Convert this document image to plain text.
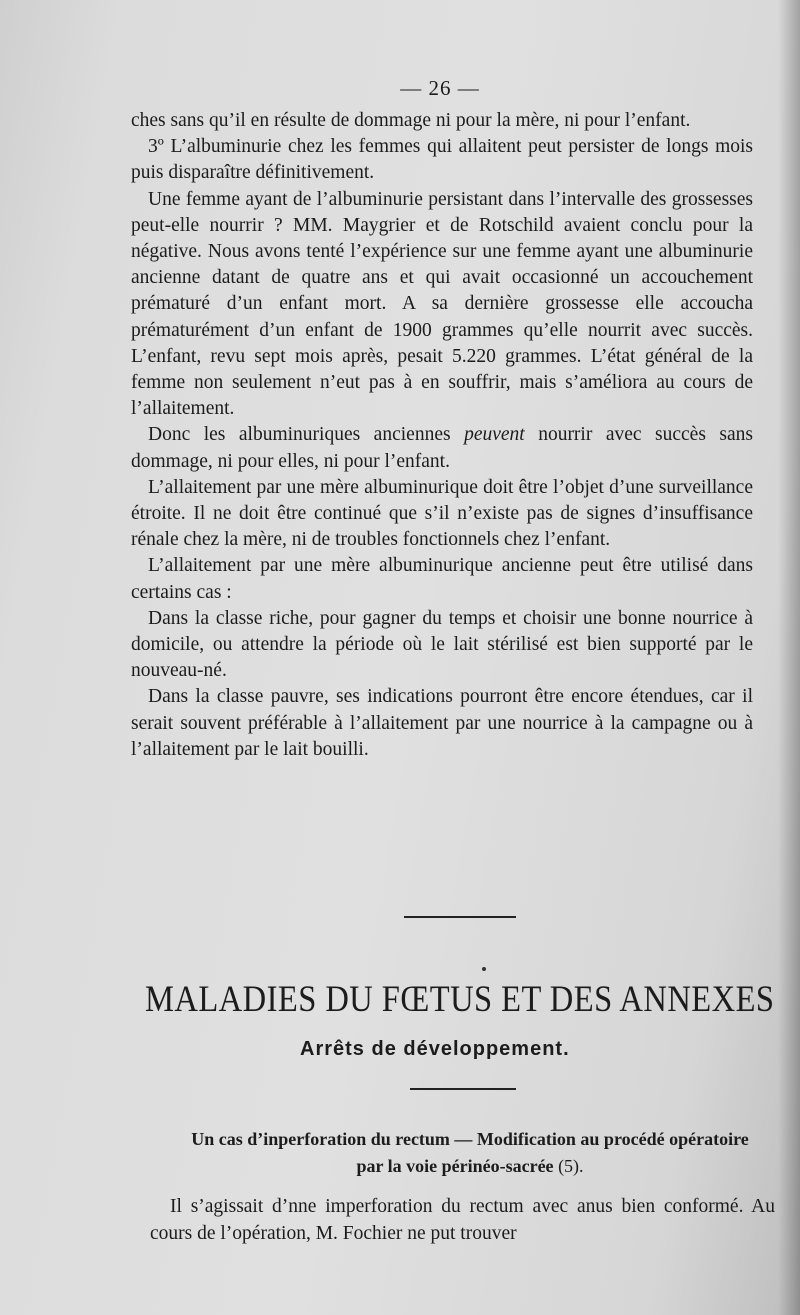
— 26 —

ches sans qu’il en résulte de dommage ni pour la mère, ni pour l’enfant.

3º L’albuminurie chez les femmes qui allaitent peut persister de longs mois puis disparaître définitivement.

Une femme ayant de l’albuminurie persistant dans l’intervalle des grossesses peut-elle nourrir ? MM. Maygrier et de Rotschild avaient conclu pour la négative. Nous avons tenté l’expérience sur une femme ayant une albuminurie ancienne datant de quatre ans et qui avait occasionné un accouchement prématuré d’un enfant mort. A sa dernière grossesse elle accoucha prématurément d’un enfant de 1900 grammes qu’elle nourrit avec succès. L’enfant, revu sept mois après, pesait 5.220 grammes. L’état général de la femme non seulement n’eut pas à en souffrir, mais s’améliora au cours de l’allaitement.

Donc les albuminuriques anciennes peuvent nourrir avec succès sans dommage, ni pour elles, ni pour l’enfant.

L’allaitement par une mère albuminurique doit être l’objet d’une surveillance étroite. Il ne doit être continué que s’il n’existe pas de signes d’insuffisance rénale chez la mère, ni de troubles fonctionnels chez l’enfant.

L’allaitement par une mère albuminurique ancienne peut être utilisé dans certains cas :

Dans la classe riche, pour gagner du temps et choisir une bonne nourrice à domicile, ou attendre la période où le lait stérilisé est bien supporté par le nouveau-né.

Dans la classe pauvre, ses indications pourront être encore étendues, car il serait souvent préférable à l’allaitement par une nourrice à la campagne ou à l’allaitement par le lait bouilli.

MALADIES DU FŒTUS ET DES ANNEXES
Arrêts de développement.
Un cas d’inperforation du rectum — Modification au procédé opératoire par la voie périnéo-sacrée (5).

Il s’agissait d’nne imperforation du rectum avec anus bien conformé. Au cours de l’opération, M. Fochier ne put trouver
